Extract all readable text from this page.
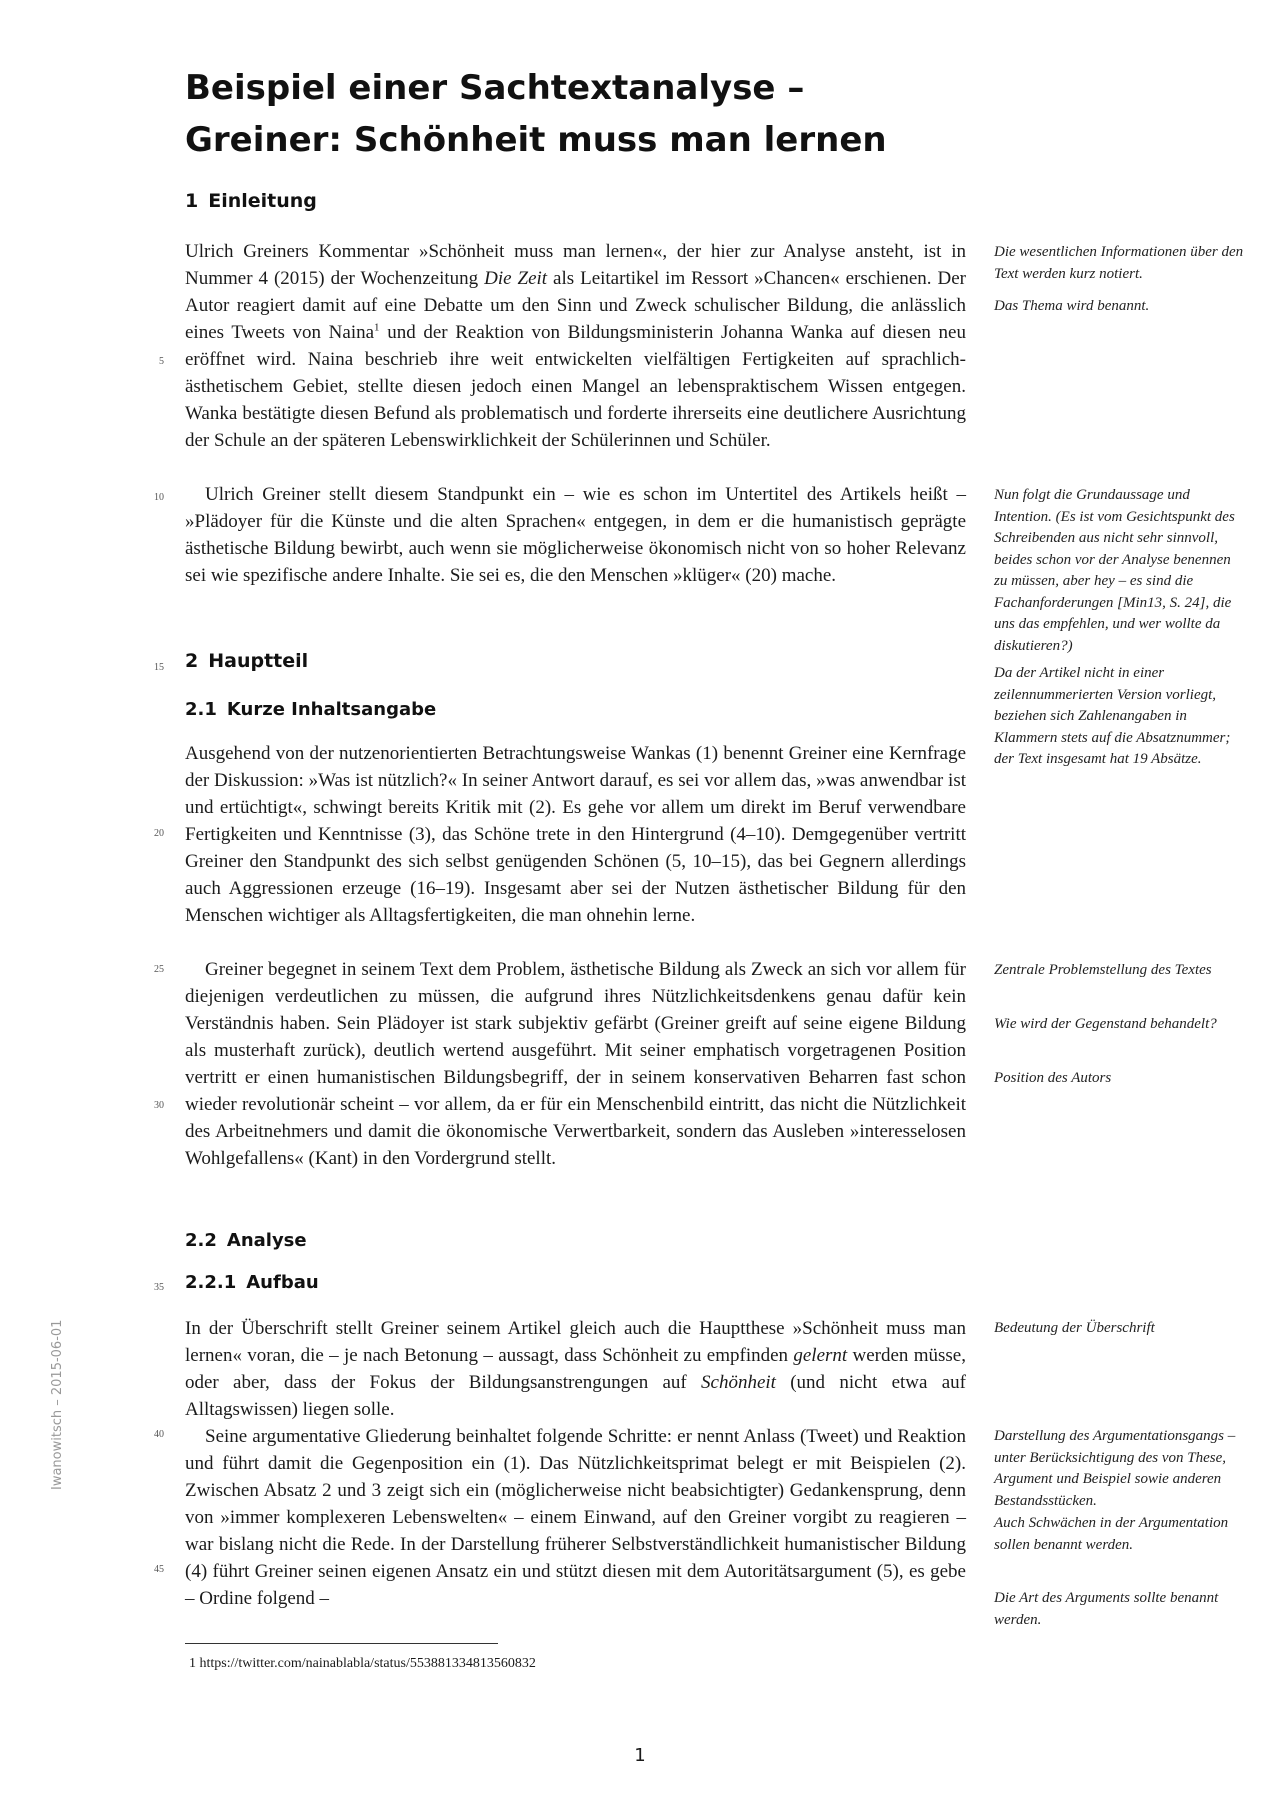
Beispiel einer Sachtextanalyse –
Greiner: Schönheit muss man lernen
1 Einleitung

Ulrich Greiners Kommentar »Schönheit muss man lernen«, der hier zur Analyse ansteht, ist in Nummer 4 (2015) der Wochenzeitung Die Zeit als Leitartikel im Ressort »Chancen« erschienen. Der Autor reagiert damit auf eine Debatte um den Sinn und Zweck schulischer Bildung, die anlässlich eines Tweets von Naina$^1$ und der Reaktion von Bildungsministerin Johanna Wanka auf diesen neu eröffnet wird. Naina beschrieb ihre weit entwickelten vielfältigen Fertigkeiten auf sprachlich-ästhetischem Gebiet, stellte diesen jedoch einen Mangel an lebenspraktischem Wissen entgegen. Wanka bestätigte diesen Befund als problematisch und forderte ihrerseits eine deutlichere Ausrichtung der Schule an der späteren Lebenswirklichkeit der Schülerinnen und Schüler.

Ulrich Greiner stellt diesem Standpunkt ein – wie es schon im Untertitel des Artikels heißt – »Plädoyer für die Künste und die alten Sprachen« entgegen, in dem er die humanistisch geprägte ästhetische Bildung bewirbt, auch wenn sie möglicherweise ökonomisch nicht von so hoher Relevanz sei wie spezifische andere Inhalte. Sie sei es, die den Menschen »klüger« (20) mache.

2 Hauptteil
2.1 Kurze Inhaltsangabe

Ausgehend von der nutzenorientierten Betrachtungsweise Wankas (1) benennt Greiner eine Kernfrage der Diskussion: »Was ist nützlich?« In seiner Antwort darauf, es sei vor allem das, »was anwendbar ist und ertüchtigt«, schwingt bereits Kritik mit (2). Es gehe vor allem um direkt im Beruf verwendbare Fertigkeiten und Kenntnisse (3), das Schöne trete in den Hintergrund (4–10). Demgegenüber vertritt Greiner den Standpunkt des sich selbst genügenden Schönen (5, 10–15), das bei Gegnern allerdings auch Aggressionen erzeuge (16–19). Insgesamt aber sei der Nutzen ästhetischer Bildung für den Menschen wichtiger als Alltagsfertigkeiten, die man ohnehin lerne.

Greiner begegnet in seinem Text dem Problem, ästhetische Bildung als Zweck an sich vor allem für diejenigen verdeutlichen zu müssen, die aufgrund ihres Nützlichkeitsdenkens genau dafür kein Verständnis haben. Sein Plädoyer ist stark subjektiv gefärbt (Greiner greift auf seine eigene Bildung als musterhaft zurück), deutlich wertend ausgeführt. Mit seiner emphatisch vorgetragenen Position vertritt er einen humanistischen Bildungsbegriff, der in seinem konservativen Beharren fast schon wieder revolutionär scheint – vor allem, da er für ein Menschenbild eintritt, das nicht die Nützlichkeit des Arbeitnehmers und damit die ökonomische Verwertbarkeit, sondern das Ausleben »interesselosen Wohlgefallens« (Kant) in den Vordergrund stellt.

2.2 Analyse
2.2.1 Aufbau

In der Überschrift stellt Greiner seinem Artikel gleich auch die Hauptthese »Schönheit muss man lernen« voran, die – je nach Betonung – aussagt, dass Schönheit zu empfinden gelernt werden müsse, oder aber, dass der Fokus der Bildungsanstrengungen auf Schönheit (und nicht etwa auf Alltagswissen) liegen solle.

Seine argumentative Gliederung beinhaltet folgende Schritte: er nennt Anlass (Tweet) und Reaktion und führt damit die Gegenposition ein (1). Das Nützlichkeitsprimat belegt er mit Beispielen (2). Zwischen Absatz 2 und 3 zeigt sich ein (möglicherweise nicht beabsichtigter) Gedankensprung, denn von »immer komplexeren Lebenswelten« – einem Einwand, auf den Greiner vorgibt zu reagieren – war bislang nicht die Rede. In der Darstellung früherer Selbstverständlichkeit humanistischer Bildung (4) führt Greiner seinen eigenen Ansatz ein und stützt diesen mit dem Autoritätsargument (5), es gebe – Ordine folgend –

Die wesentlichen Informationen über den Text werden kurz notiert.

Das Thema wird benannt.

Nun folgt die Grundaussage und Intention. (Es ist vom Gesichtspunkt des Schreibenden aus nicht sehr sinnvoll, beides schon vor der Analyse benennen zu müssen, aber hey – es sind die Fachanforderungen [Min13, S. 24], die uns das empfehlen, und wer wollte da diskutieren?)

Da der Artikel nicht in einer zeilennummerierten Version vorliegt, beziehen sich Zahlenangaben in Klammern stets auf die Absatznummer; der Text insgesamt hat 19 Absätze.

Zentrale Problemstellung des Textes

Wie wird der Gegenstand behandelt?

Position des Autors

Bedeutung der Überschrift

Darstellung des Argumentationsgangs – unter Berücksichtigung des von These, Argument und Beispiel sowie anderen Bestandsstücken.

Auch Schwächen in der Argumentation sollen benannt werden.

Die Art des Arguments sollte benannt werden.

5
10
15
20
25
30
35
40
45
Iwanowitsch – 2015-06-01

1 https://twitter.com/nainablabla/status/553881334813560832

1
